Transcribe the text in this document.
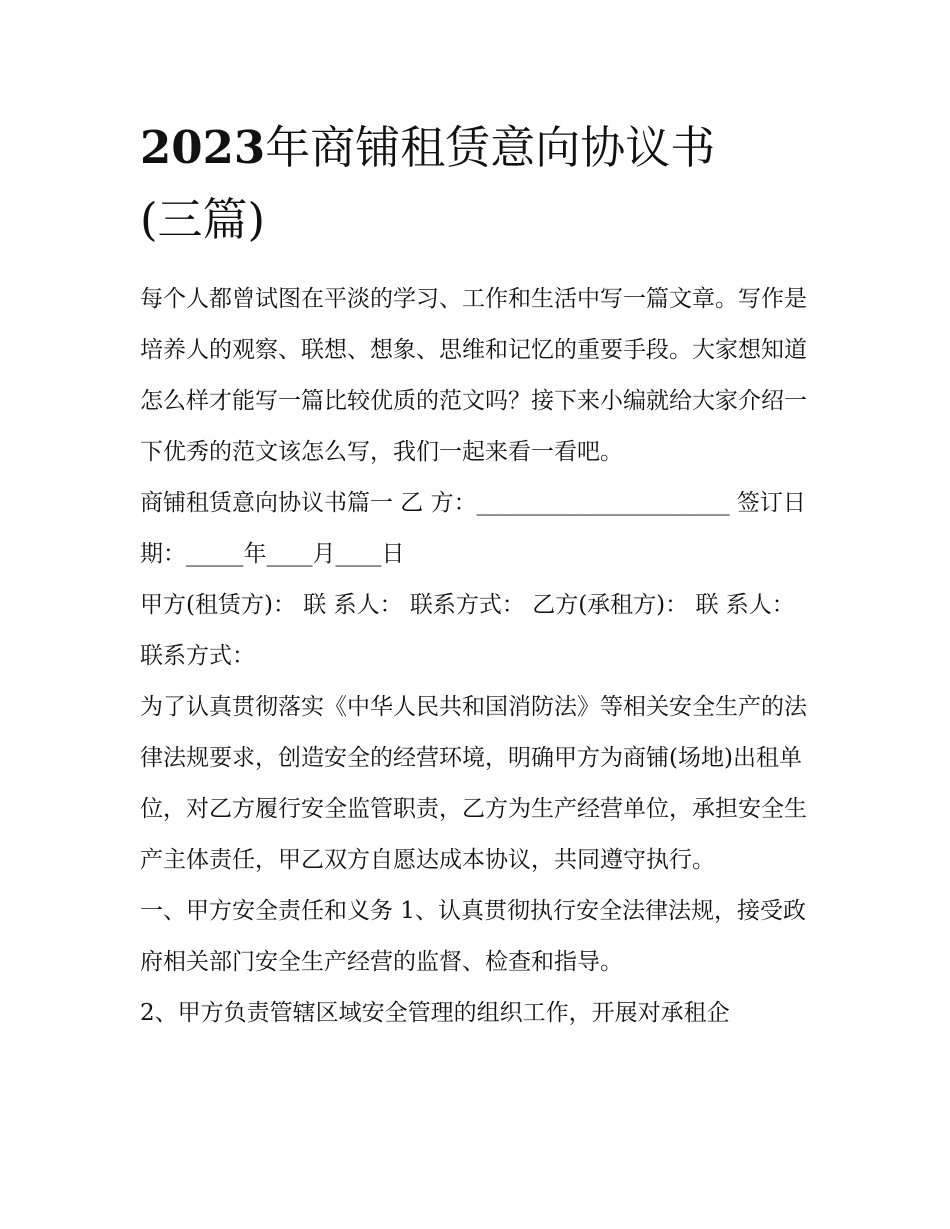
2023年商铺租赁意向协议书
(三篇)

每个人都曾试图在平淡的学习、工作和生活中写一篇文章。写作是培养人的观察、联想、想象、思维和记忆的重要手段。大家想知道怎么样才能写一篇比较优质的范文吗？接下来小编就给大家介绍一下优秀的范文该怎么写，我们一起来看一看吧。

商铺租赁意向协议书篇一 乙 方：______________________ 签订日期：_____年____月____日

甲方(租赁方)： 联 系人： 联系方式： 乙方(承租方)： 联 系人： 联系方式：

为了认真贯彻落实《中华人民共和国消防法》等相关安全生产的法律法规要求，创造安全的经营环境，明确甲方为商铺(场地)出租单位，对乙方履行安全监管职责，乙方为生产经营单位，承担安全生产主体责任，甲乙双方自愿达成本协议，共同遵守执行。

一、甲方安全责任和义务 1、认真贯彻执行安全法律法规，接受政府相关部门安全生产经营的监督、检查和指导。

2、甲方负责管辖区域安全管理的组织工作，开展对承租企
